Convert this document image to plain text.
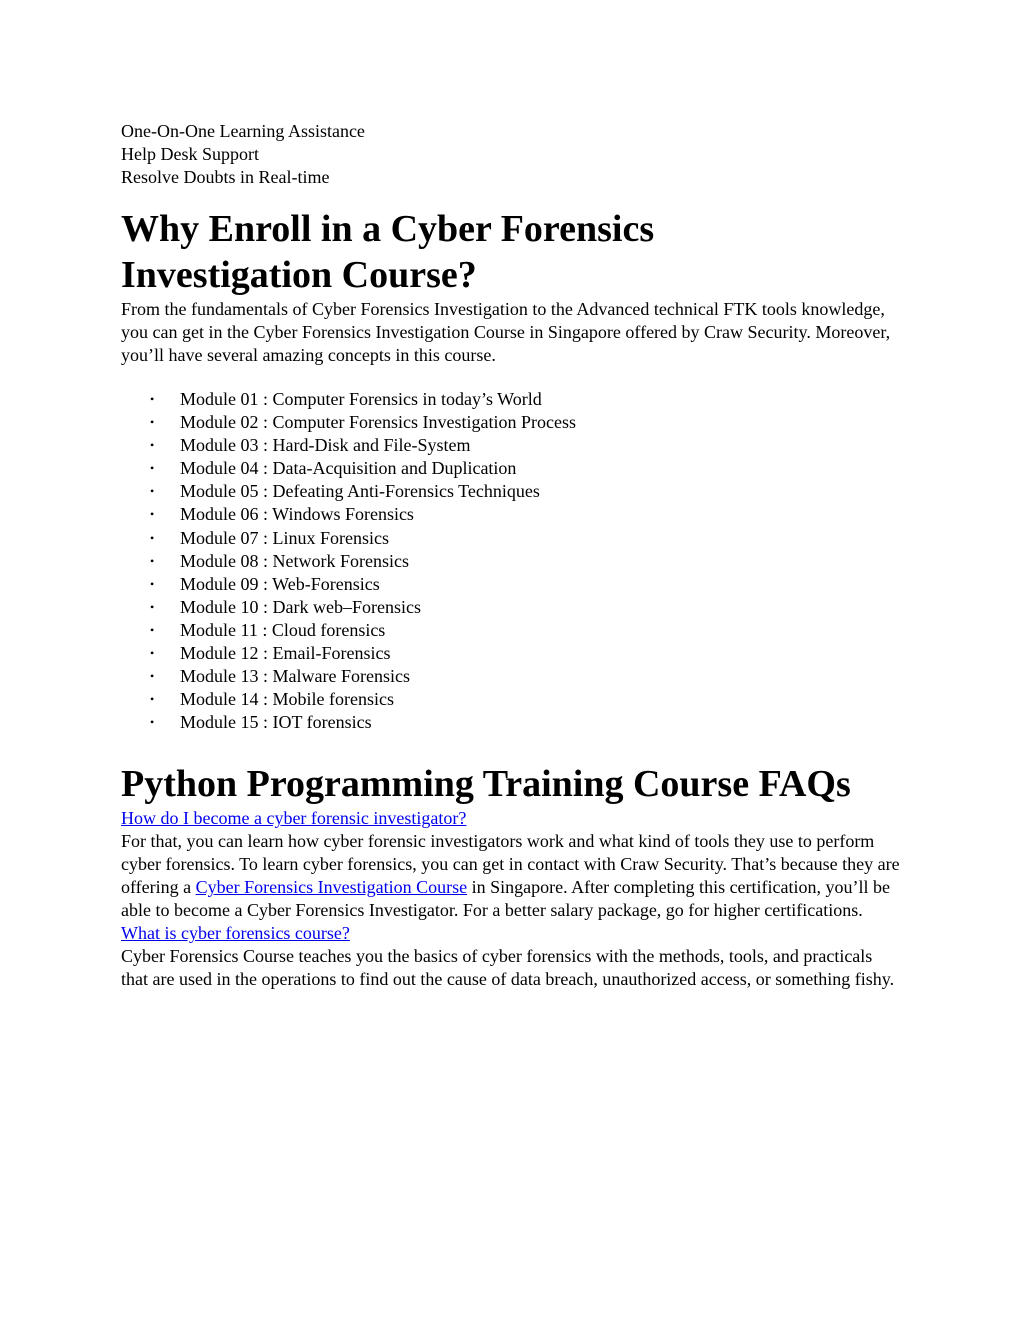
One-On-One Learning Assistance

Help Desk Support

Resolve Doubts in Real-time

Why Enroll in a Cyber Forensics
Investigation Course?

From the fundamentals of Cyber Forensics Investigation to the Advanced technical FTK tools knowledge, you can get in the Cyber Forensics Investigation Course in Singapore offered by Craw Security. Moreover, you’ll have several amazing concepts in this course.

• Module 01 : Computer Forensics in today’s World
• Module 02 : Computer Forensics Investigation Process
• Module 03 : Hard-Disk and File-System
• Module 04 : Data-Acquisition and Duplication
• Module 05 : Defeating Anti-Forensics Techniques
• Module 06 : Windows Forensics
• Module 07 : Linux Forensics
• Module 08 : Network Forensics
• Module 09 : Web-Forensics
• Module 10 : Dark web–Forensics
• Module 11 : Cloud forensics
• Module 12 : Email-Forensics
• Module 13 : Malware Forensics
• Module 14 : Mobile forensics
• Module 15 : IOT forensics
Python Programming Training Course FAQs

How do I become a cyber forensic investigator?

For that, you can learn how cyber forensic investigators work and what kind of tools they use to perform cyber forensics. To learn cyber forensics, you can get in contact with Craw Security. That’s because they are offering a Cyber Forensics Investigation Course in Singapore. After completing this certification, you’ll be able to become a Cyber Forensics Investigator. For a better salary package, go for higher certifications.

What is cyber forensics course?

Cyber Forensics Course teaches you the basics of cyber forensics with the methods, tools, and practicals that are used in the operations to find out the cause of data breach, unauthorized access, or something fishy.
